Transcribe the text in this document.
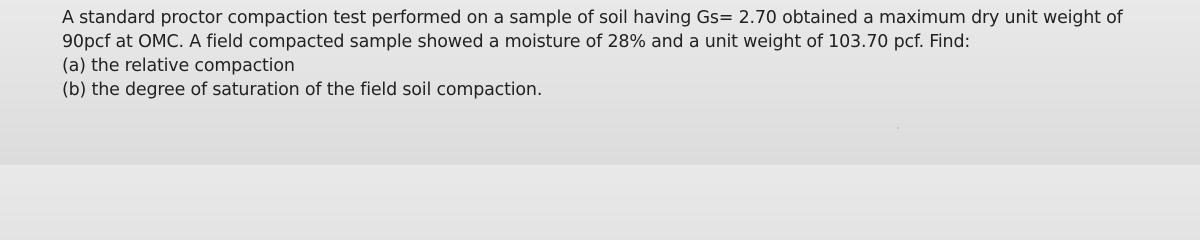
A standard proctor compaction test performed on a sample of soil having Gs= 2.70 obtained a maximum dry unit weight of
90pcf at OMC. A field compacted sample showed a moisture of 28% and a unit weight of 103.70 pcf. Find:
(a) the relative compaction
(b) the degree of saturation of the field soil compaction.
